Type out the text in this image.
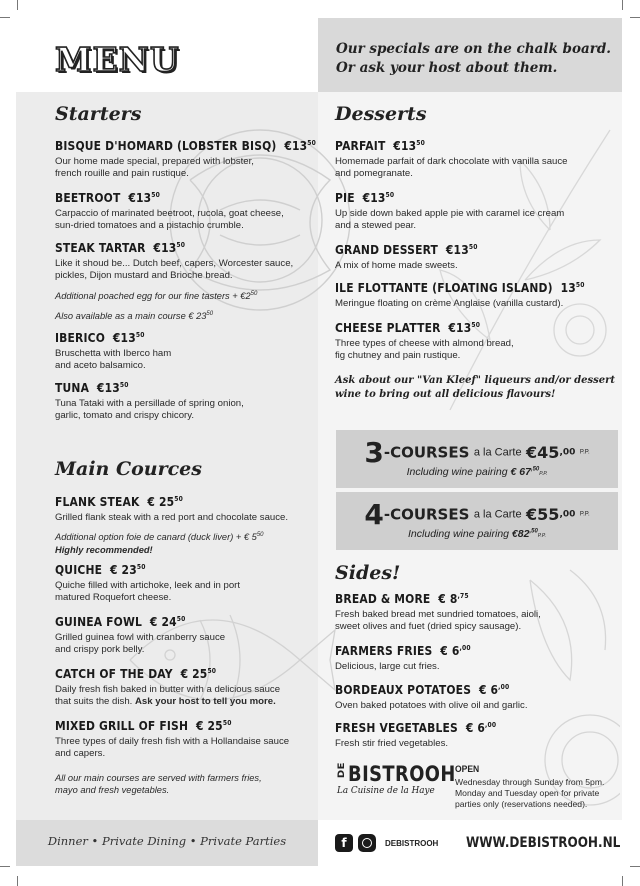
MENU	Our specials are on the chalk board.
Or ask your host about them.
Starters
BISQUE D'HOMARD (LOBSTER BISQ) $€13^{50}$
Our home made special, prepared with lobster,
french rouille and pain rustique.
BEETROOT $€13^{50}$
Carpaccio of marinated beetroot, rucola, goat cheese,
sun-dried tomatoes and a pistachio crumble.
STEAK TARTAR $€13^{50}$
Like it shoud be... Dutch beef, capers, Worcester sauce,
pickles, Dijon mustard and Brioche bread.
Additional poached egg for our fine tasters + $€2^{50}$
Also available as a main course € $23^{50}$
IBERICO $€13^{50}$
Bruschetta with Iberco ham
and aceto balsamico.
TUNA $€13^{50}$
Tuna Tataki with a persillade of spring onion,
garlic, tomato and crispy chicory.
Main Cources
FLANK STEAK € $25^{50}$
Grilled flank steak with a red port and chocolate sauce.
Additional option foie de canard (duck liver) + € $5^{50}$
Highly recommended!
QUICHE € $23^{50}$
Quiche filled with artichoke, leek and in port
matured Roquefort cheese.
GUINEA FOWL € $24^{50}$
Grilled guinea fowl with cranberry sauce
and crispy pork belly.
CATCH OF THE DAY € $25^{50}$
Daily fresh fish baked in butter with a delicious sauce
that suits the dish. Ask your host to tell you more.
MIXED GRILL OF FISH € $25^{50}$
Three types of daily fresh fish with a Hollandaise sauce
and capers.
All our main courses are served with farmers fries,
mayo and fresh vegetables.
Desserts
PARFAIT $€13^{50}$
Homemade parfait of dark chocolate with vanilla sauce
and pomegranate.
PIE $€13^{50}$
Up side down baked apple pie with caramel ice cream
and a stewed pear.
GRAND DESSERT $€13^{50}$
A mix of home made sweets.
ILE FLOTTANTE (FLOATING ISLAND) $13^{50}$
Meringue floating on crème Anglaise (vanilla custard).
CHEESE PLATTER $€13^{50}$
Three types of cheese with almond bread,
fig chutney and pain rustique.
Ask about our "Van Kleef" liqueurs and/or dessert wine to bring out all delicious flavours!
3-COURSES a la Carte €45,00 P.P.
Including wine pairing € $67^{,50}P.P$.
4-COURSES a la Carte €55,00 P.P.
Including wine pairing $€82^{,50}P.P$.
Sides!
BREAD & MORE € $8^{,75}$
Fresh baked bread met sundried tomatoes, aioli,
sweet olives and fuet (dried spicy sausage).
FARMERS FRIES € $6^{,00}$
Delicious, large cut fries.
BORDEAUX POTATOES € $6^{,00}$
Oven baked potatoes with olive oil and garlic.
FRESH VEGETABLES € $6^{,00}$
Fresh stir fried vegetables.
DEBISTROOH
La Cuisine de la Haye
OPEN
Wednesday through Sunday from 5pm.
Monday and Tuesday open for private
parties only (reservations needed).
Dinner • Private Dining • Private Parties	f	DEBISTROOH WWW.DEBISTROOH.NL
